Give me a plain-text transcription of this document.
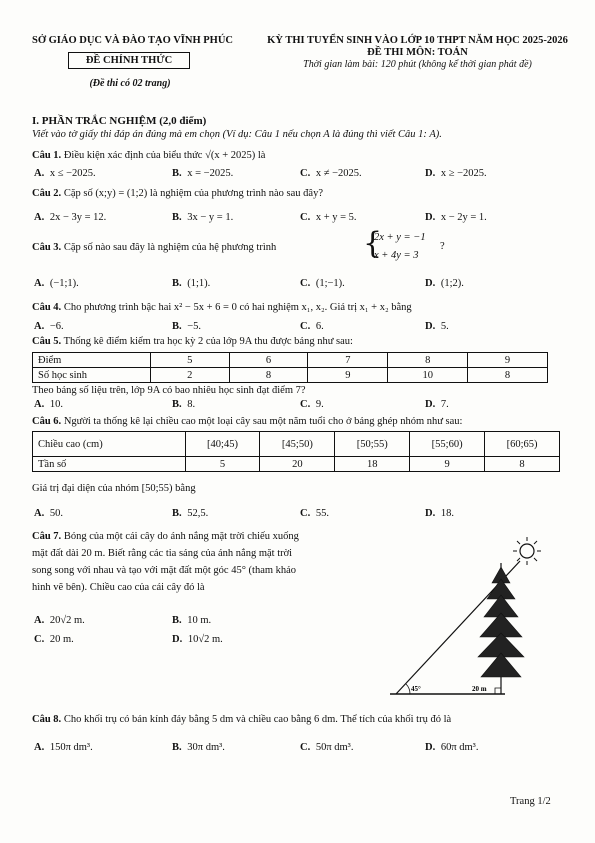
SỞ GIÁO DỤC VÀ ĐÀO TẠO VĨNH PHÚC
ĐỀ CHÍNH THỨC
(Đề thi có 02 trang)
KỲ THI TUYỂN SINH VÀO LỚP 10 THPT NĂM HỌC 2025-2026
ĐỀ THI MÔN: TOÁN
Thời gian làm bài: 120 phút (không kể thời gian phát đề)
I. PHẦN TRẮC NGHIỆM (2,0 điểm)
Viết vào tờ giấy thi đáp án đúng mà em chọn (Ví dụ: Câu 1 nếu chọn A là đúng thì viết Câu 1: A).
Câu 1. Điều kiện xác định của biểu thức √(x + 2025) là
A. x ≤ −2025.	B. x = −2025.	C. x ≠ −2025.	D. x ≥ −2025.
Câu 2. Cặp số (x;y) = (1;2) là nghiệm của phương trình nào sau đây?
A. 2x − 3y = 12.	B. 3x − y = 1.	C. x + y = 5.	D. x − 2y = 1.
Câu 3. Cặp số nào sau đây là nghiệm của hệ phương trình	{
2x + y = −1
x + 4y = 3
?
A. (−1;1).	B. (1;1).	C. (1;−1).	D. (1;2).
Câu 4. Cho phương trình bậc hai x² − 5x + 6 = 0 có hai nghiệm x₁, x₂. Giá trị x₁ + x₂ bằng
A. −6.	B. −5.	C. 6.	D. 5.
Câu 5. Thống kê điểm kiểm tra học kỳ 2 của lớp 9A thu được bảng như sau:
Điểm	5	6	7	8	9
Số học sinh	2	8	9	10	8
Theo bảng số liệu trên, lớp 9A có bao nhiêu học sinh đạt điểm 7?
A. 10.	B. 8.	C. 9.	D. 7.
Câu 6. Người ta thống kê lại chiều cao một loại cây sau một năm tuổi cho ở bảng ghép nhóm như sau:
Chiều cao (cm)	[40;45)	[45;50)	[50;55)	[55;60)	[60;65)
Tần số	5	20	18	9	8
Giá trị đại diện của nhóm [50;55) bằng
A. 50.	B. 52,5.	C. 55.	D. 18.
Câu 7. Bóng của một cái cây do ánh nắng mặt trời chiếu xuống
mặt đất dài 20 m. Biết rằng các tia sáng của ánh nắng mặt trời
song song với nhau và tạo với mặt đất một góc 45° (tham khảo
hình vẽ bên). Chiều cao của cái cây đó là
A. 20√2 m.	B. 10 m.
C. 20 m.	D. 10√2 m.
45°	20 m
Câu 8. Cho khối trụ có bán kính đáy bằng 5 dm và chiều cao bằng 6 dm. Thể tích của khối trụ đó là
A. 150π dm³.	B. 30π dm³.	C. 50π dm³.	D. 60π dm³.
Trang 1/2
